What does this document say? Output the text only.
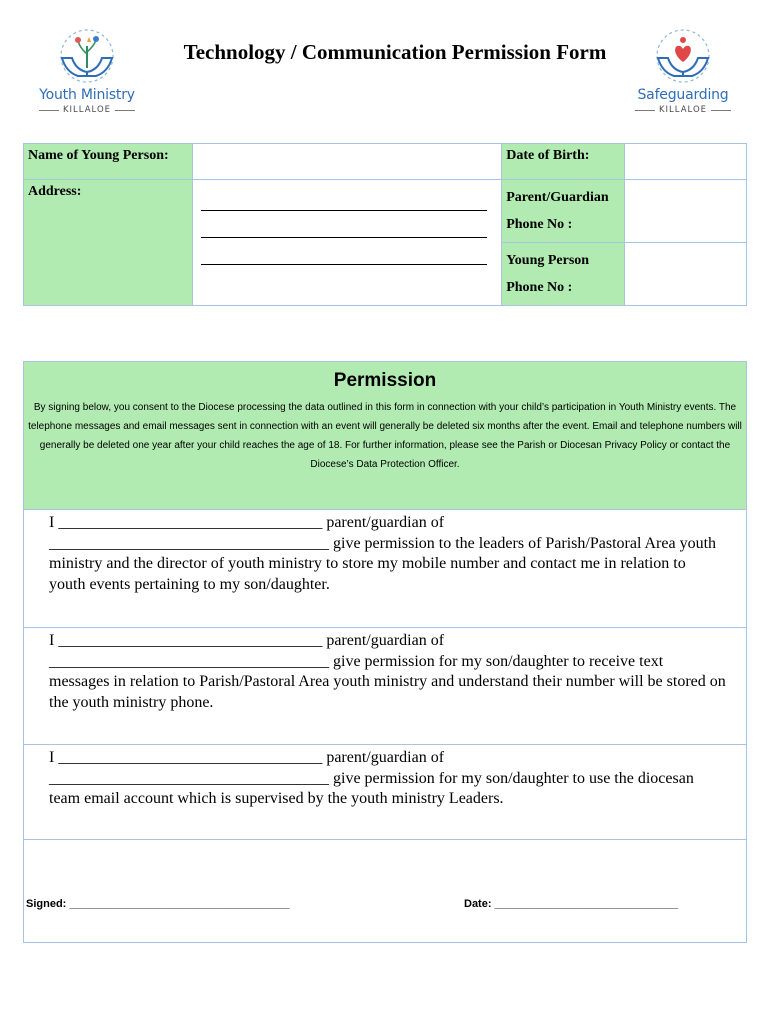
Youth Ministry
KILLALOE
Technology / Communication Permission Form
Safeguarding
KILLALOE
Name of Young Person:		Date of Birth:	
Address:		Parent/Guardian
Phone No :	

		Young Person
Phone No :	

Permission
By signing below, you consent to the Diocese processing the data outlined in this form in connection with your child’s participation in Youth Ministry events. The telephone messages and email messages sent in connection with an event will generally be deleted six months after the event. Email and telephone numbers will generally be deleted one year after your child reaches the age of 18. For further information, please see the Parish or Diocesan Privacy Policy or contact the Diocese’s Data Protection Officer.
I _________________________________ parent/guardian of
___________________________________ give permission to the leaders of Parish/Pastoral Area youth ministry and the director of youth ministry to store my mobile number and contact me in relation to youth events pertaining to my son/daughter.
I _________________________________ parent/guardian of
___________________________________ give permission for my son/daughter to receive text messages in relation to Parish/Pastoral Area youth ministry and understand their number will be stored on the youth ministry phone.
I _________________________________ parent/guardian of
___________________________________ give permission for my son/daughter to use the diocesan team email account which is supervised by the youth ministry Leaders.
Signed: ____________________________________	Date: ______________________________
